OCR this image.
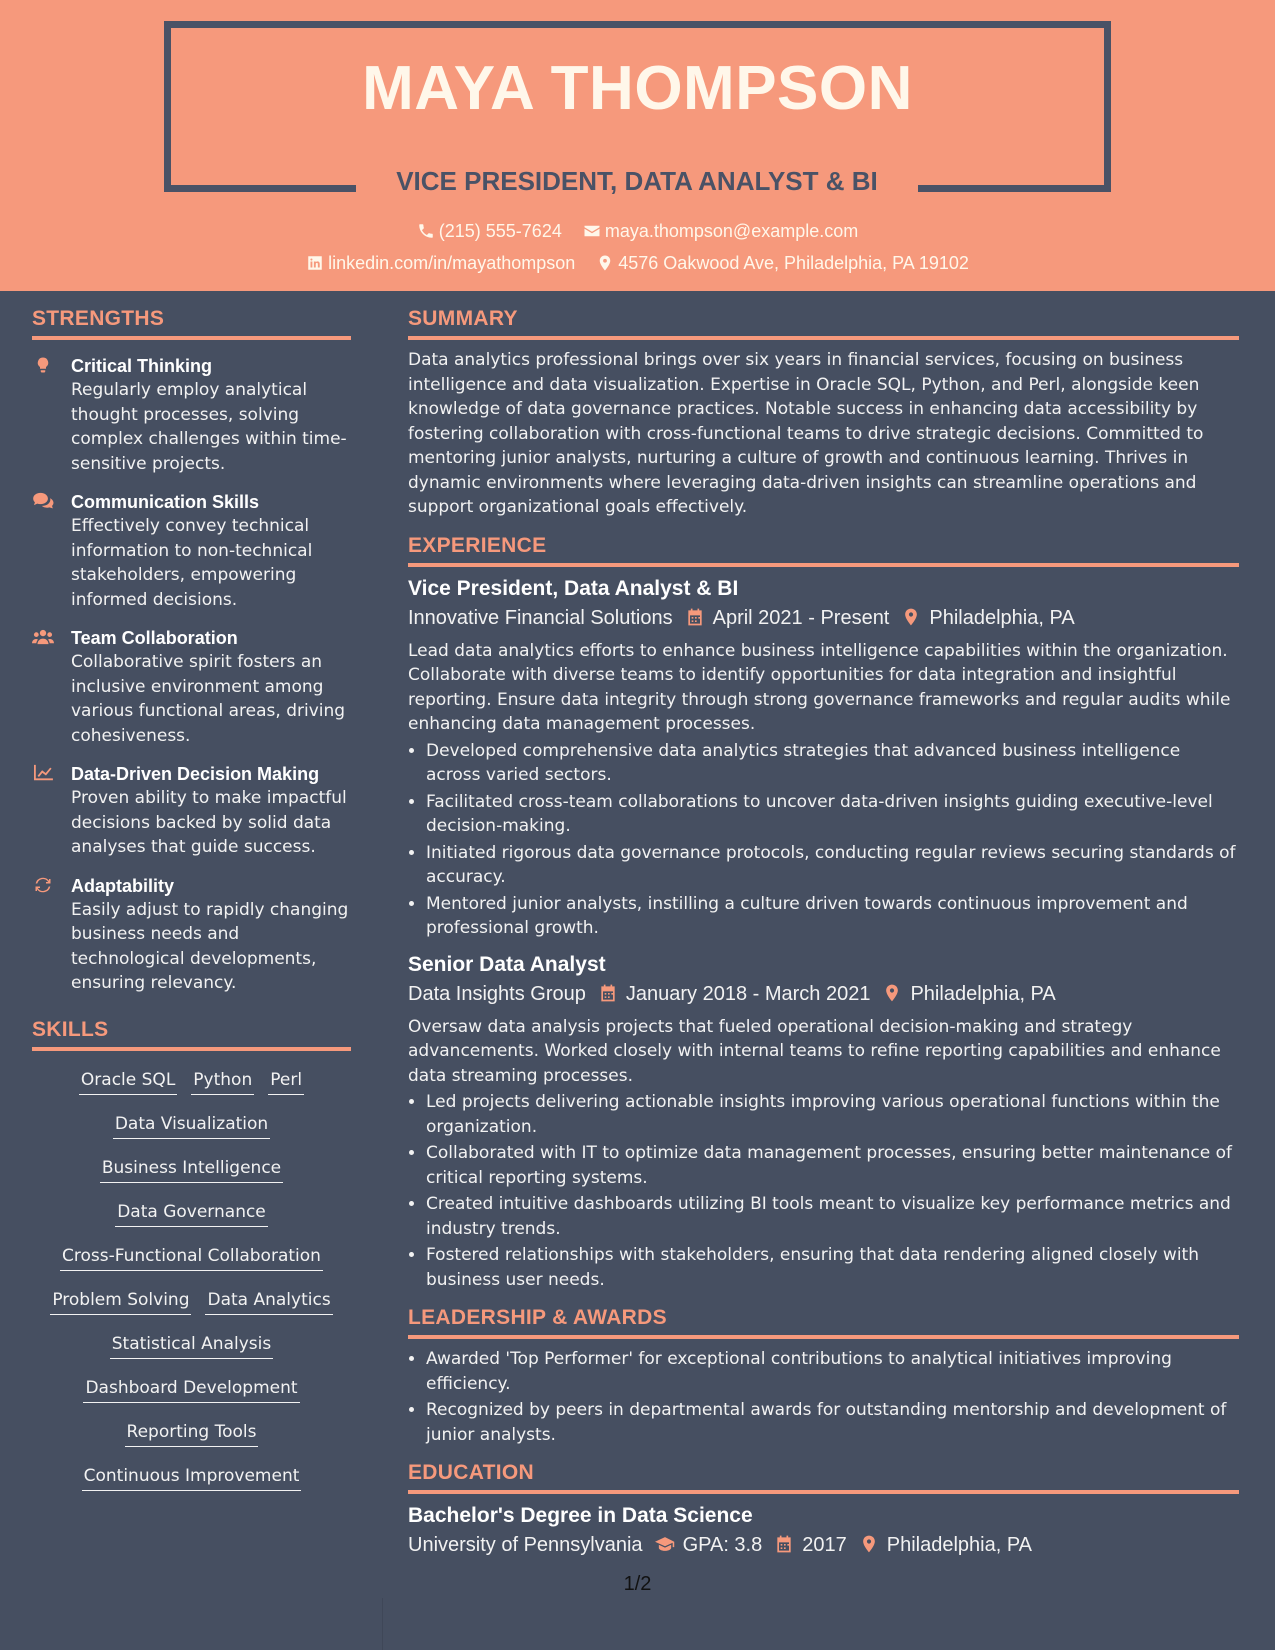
MAYA THOMPSON
VICE PRESIDENT, DATA ANALYST & BI
(215) 555-7624 maya.thompson@example.com
linkedin.com/in/mayathompson 4576 Oakwood Ave, Philadelphia, PA 19102
STRENGTHS
Critical Thinking
Regularly employ analytical thought processes, solving complex challenges within time-sensitive projects.
Communication Skills
Effectively convey technical information to non-technical stakeholders, empowering informed decisions.
Team Collaboration
Collaborative spirit fosters an inclusive environment among various functional areas, driving cohesiveness.
Data-Driven Decision Making
Proven ability to make impactful decisions backed by solid data analyses that guide success.
Adaptability
Easily adjust to rapidly changing business needs and technological developments, ensuring relevancy.
SKILLS
Oracle SQL Python Perl
Data Visualization
Business Intelligence
Data Governance
Cross-Functional Collaboration
Problem Solving Data Analytics
Statistical Analysis
Dashboard Development
Reporting Tools
Continuous Improvement
SUMMARY
Data analytics professional brings over six years in financial services, focusing on business intelligence and data visualization. Expertise in Oracle SQL, Python, and Perl, alongside keen knowledge of data governance practices. Notable success in enhancing data accessibility by fostering collaboration with cross-functional teams to drive strategic decisions. Committed to mentoring junior analysts, nurturing a culture of growth and continuous learning. Thrives in dynamic environments where leveraging data-driven insights can streamline operations and support organizational goals effectively.
EXPERIENCE
Vice President, Data Analyst & BI
Innovative Financial Solutions April 2021 - Present Philadelphia, PA
Lead data analytics efforts to enhance business intelligence capabilities within the organization. Collaborate with diverse teams to identify opportunities for data integration and insightful reporting. Ensure data integrity through strong governance frameworks and regular audits while enhancing data management processes.
• Developed comprehensive data analytics strategies that advanced business intelligence across varied sectors.
• Facilitated cross-team collaborations to uncover data-driven insights guiding executive-level decision-making.
• Initiated rigorous data governance protocols, conducting regular reviews securing standards of accuracy.
• Mentored junior analysts, instilling a culture driven towards continuous improvement and professional growth.
Senior Data Analyst
Data Insights Group January 2018 - March 2021 Philadelphia, PA
Oversaw data analysis projects that fueled operational decision-making and strategy advancements. Worked closely with internal teams to refine reporting capabilities and enhance data streaming processes.
• Led projects delivering actionable insights improving various operational functions within the organization.
• Collaborated with IT to optimize data management processes, ensuring better maintenance of critical reporting systems.
• Created intuitive dashboards utilizing BI tools meant to visualize key performance metrics and industry trends.
• Fostered relationships with stakeholders, ensuring that data rendering aligned closely with business user needs.
LEADERSHIP & AWARDS
• Awarded 'Top Performer' for exceptional contributions to analytical initiatives improving efficiency.
• Recognized by peers in departmental awards for outstanding mentorship and development of junior analysts.
EDUCATION
Bachelor's Degree in Data Science
University of Pennsylvania GPA: 3.8 2017 Philadelphia, PA
1/2
